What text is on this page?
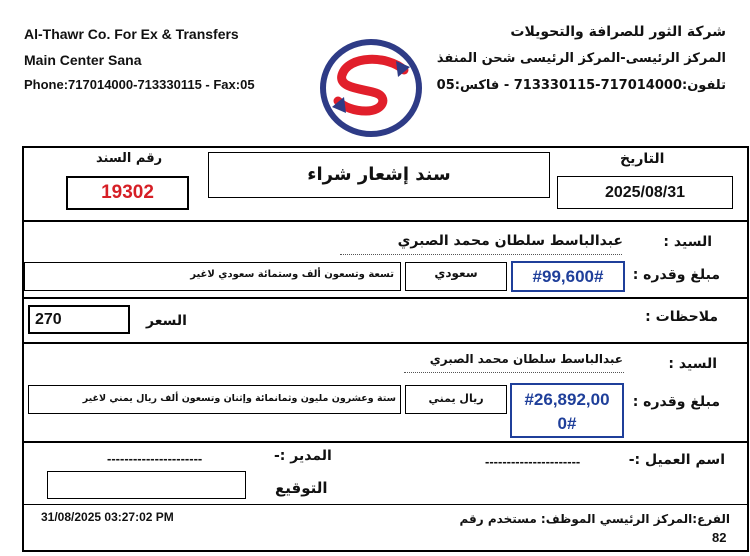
Al-Thawr Co. For Ex & Transfers
Main Center Sana
Phone:717014000-713330115 - Fax:05
شركة الثور للصرافة والتحويلات
المركز الرئيسى-المركز الرئيسى شحن المنفذ
تلفون:717014000-713330115 - فاكس:05
رقم السند
19302
سند إشعار شراء
التاريخ
2025/08/31
السيد :
عبدالباسط سلطان محمد الصبري
مبلغ وقدره :
#99,600#
سعودي
تسعة وتسعون ألف وستمائة سعودي لاغير
ملاحظات :
270	السعر
السيد :
عبدالباسط سلطان محمد الصبري
مبلغ وقدره :
#26,892,00
0#
ريال يمني
ستة وعشرون مليون وثمانمائة وإثنان وتسعون ألف ريال يمني لاغير
اسم العميل :-
----------------------
المدير :-
----------------------
التوقيع
31/08/2025 03:27:02 PM	الفرع:المركز الرئيسي الموظف: مستخدم رقم
82
